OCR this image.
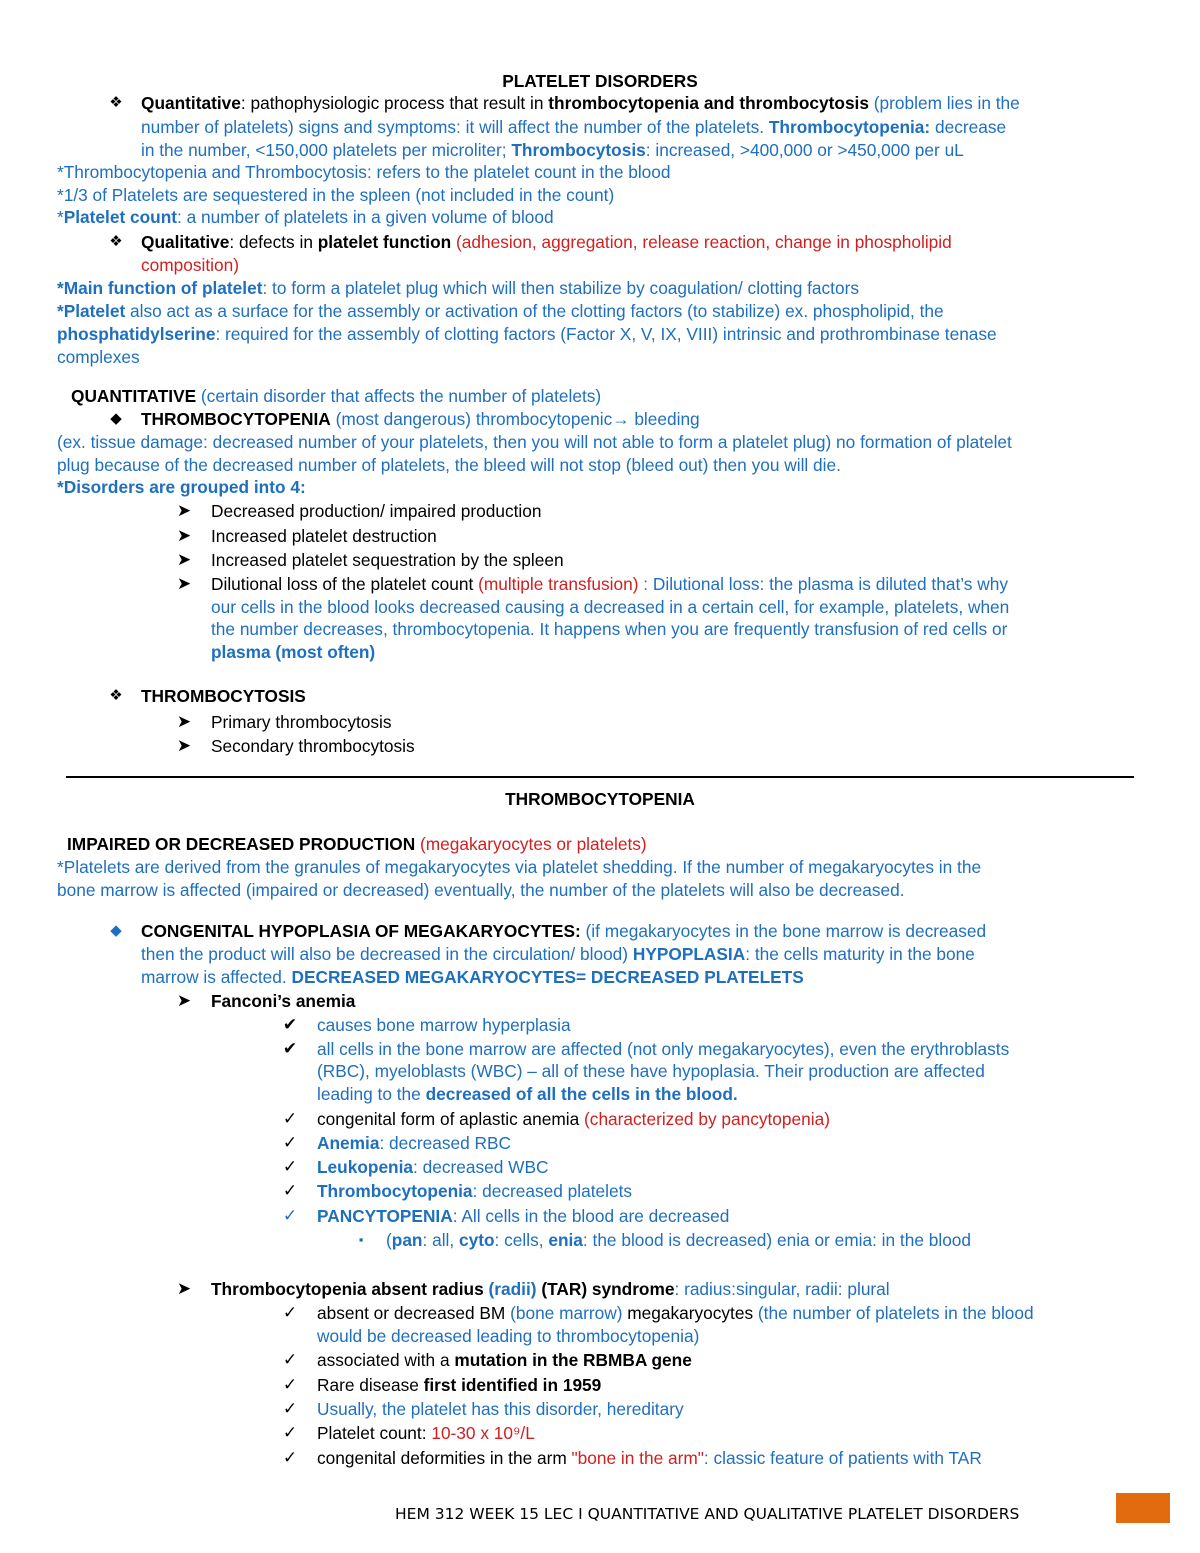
PLATELET DISORDERS
❖ Quantitative: pathophysiologic process that result in thrombocytopenia and thrombocytosis (problem lies in the
number of platelets) signs and symptoms: it will affect the number of the platelets. Thrombocytopenia: decrease
in the number, <150,000 platelets per microliter; Thrombocytosis: increased, >400,000 or >450,000 per uL
*Thrombocytopenia and Thrombocytosis: refers to the platelet count in the blood
*1/3 of Platelets are sequestered in the spleen (not included in the count)
*Platelet count: a number of platelets in a given volume of blood
❖ Qualitative: defects in platelet function (adhesion, aggregation, release reaction, change in phospholipid
composition)
*Main function of platelet: to form a platelet plug which will then stabilize by coagulation/ clotting factors
*Platelet also act as a surface for the assembly or activation of the clotting factors (to stabilize) ex. phospholipid, the
phosphatidylserine: required for the assembly of clotting factors (Factor X, V, IX, VIII) intrinsic and prothrombinase tenase
complexes
QUANTITATIVE (certain disorder that affects the number of platelets)
◆ THROMBOCYTOPENIA (most dangerous) thrombocytopenic→ bleeding
(ex. tissue damage: decreased number of your platelets, then you will not able to form a platelet plug) no formation of platelet
plug because of the decreased number of platelets, the bleed will not stop (bleed out) then you will die.
*Disorders are grouped into 4:
➤ Decreased production/ impaired production
➤ Increased platelet destruction
➤ Increased platelet sequestration by the spleen
➤ Dilutional loss of the platelet count (multiple transfusion) : Dilutional loss: the plasma is diluted that’s why
our cells in the blood looks decreased causing a decreased in a certain cell, for example, platelets, when
the number decreases, thrombocytopenia. It happens when you are frequently transfusion of red cells or
plasma (most often)
❖ THROMBOCYTOSIS
➤ Primary thrombocytosis
➤ Secondary thrombocytosis
THROMBOCYTOPENIA
IMPAIRED OR DECREASED PRODUCTION (megakaryocytes or platelets)
*Platelets are derived from the granules of megakaryocytes via platelet shedding. If the number of megakaryocytes in the
bone marrow is affected (impaired or decreased) eventually, the number of the platelets will also be decreased.
◆ CONGENITAL HYPOPLASIA OF MEGAKARYOCYTES: (if megakaryocytes in the bone marrow is decreased
then the product will also be decreased in the circulation/ blood) HYPOPLASIA: the cells maturity in the bone
marrow is affected. DECREASED MEGAKARYOCYTES= DECREASED PLATELETS
➤ Fanconi’s anemia
✔ causes bone marrow hyperplasia
✔ all cells in the bone marrow are affected (not only megakaryocytes), even the erythroblasts
(RBC), myeloblasts (WBC) – all of these have hypoplasia. Their production are affected
leading to the decreased of all the cells in the blood.
✓ congenital form of aplastic anemia (characterized by pancytopenia)
✓ Anemia: decreased RBC
✓ Leukopenia: decreased WBC
✓ Thrombocytopenia: decreased platelets
✓ PANCYTOPENIA: All cells in the blood are decreased
▪	(pan: all, cyto: cells, enia: the blood is decreased) enia or emia: in the blood
➤ Thrombocytopenia absent radius (radii) (TAR) syndrome: radius:singular, radii: plural
✓ absent or decreased BM (bone marrow) megakaryocytes (the number of platelets in the blood
would be decreased leading to thrombocytopenia)
✓ associated with a mutation in the RBMBA gene
✓ Rare disease first identified in 1959
✓ Usually, the platelet has this disorder, hereditary
✓ Platelet count: 10-30 x 10⁹/L
✓ congenital deformities in the arm "bone in the arm": classic feature of patients with TAR
HEM 312 WEEK 15 LEC I QUANTITATIVE AND QUALITATIVE PLATELET DISORDERS
